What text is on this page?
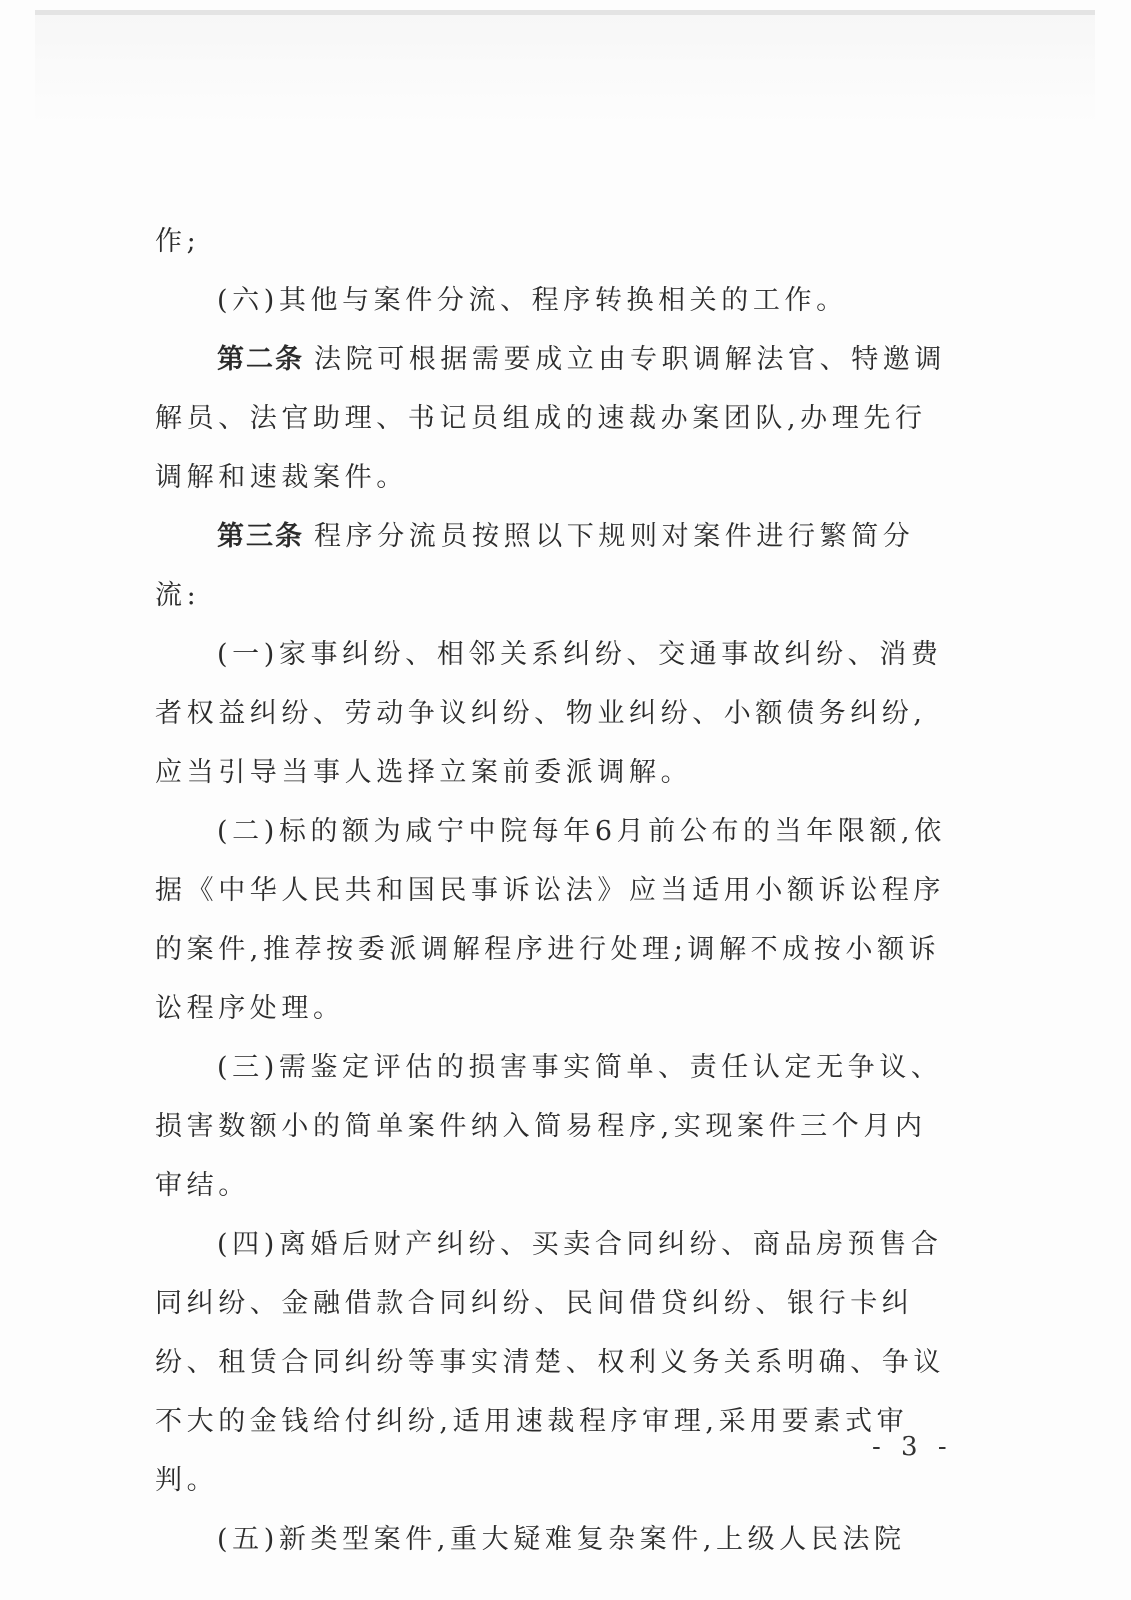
作;

(六)其他与案件分流、程序转换相关的工作。

第二条 法院可根据需要成立由专职调解法官、特邀调解员、法官助理、书记员组成的速裁办案团队,办理先行调解和速裁案件。

第三条 程序分流员按照以下规则对案件进行繁简分流:

(一)家事纠纷、相邻关系纠纷、交通事故纠纷、消费者权益纠纷、劳动争议纠纷、物业纠纷、小额债务纠纷,应当引导当事人选择立案前委派调解。

(二)标的额为咸宁中院每年6月前公布的当年限额,依据《中华人民共和国民事诉讼法》应当适用小额诉讼程序的案件,推荐按委派调解程序进行处理;调解不成按小额诉讼程序处理。

(三)需鉴定评估的损害事实简单、责任认定无争议、损害数额小的简单案件纳入简易程序,实现案件三个月内审结。

(四)离婚后财产纠纷、买卖合同纠纷、商品房预售合同纠纷、金融借款合同纠纷、民间借贷纠纷、银行卡纠纷、租赁合同纠纷等事实清楚、权利义务关系明确、争议不大的金钱给付纠纷,适用速裁程序审理,采用要素式审判。

(五)新类型案件,重大疑难复杂案件,上级人民法院

- 3 -
